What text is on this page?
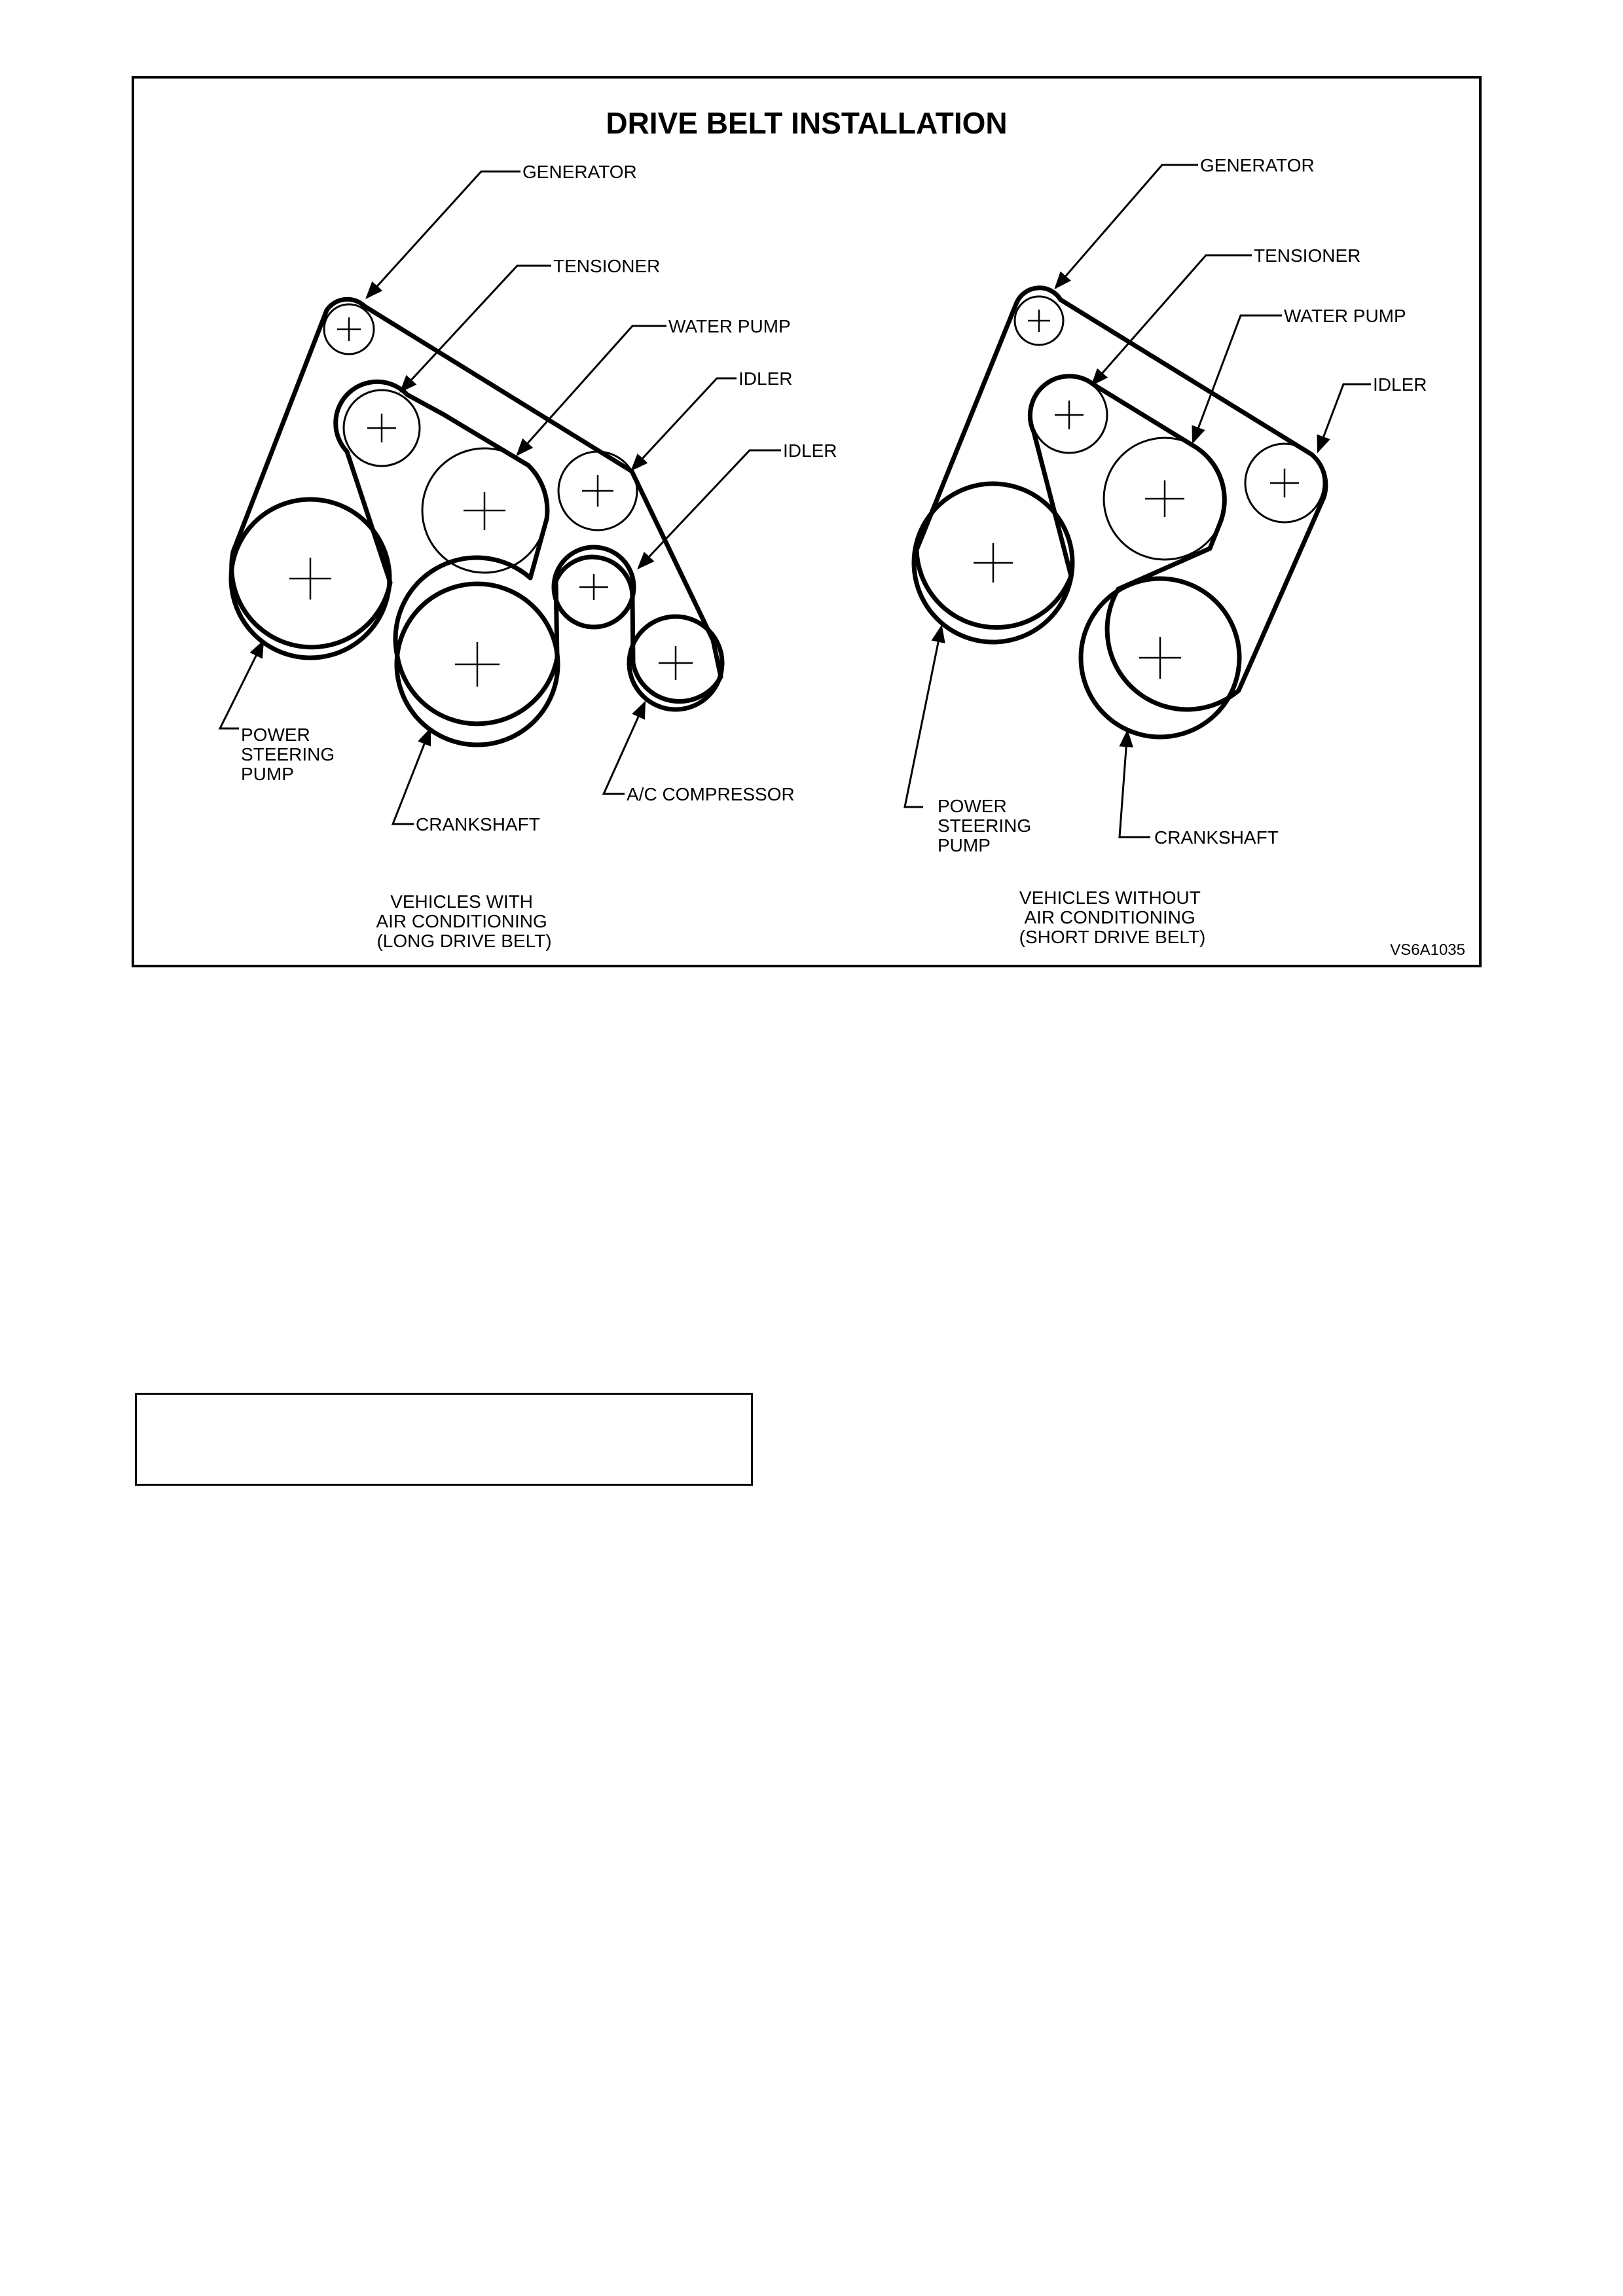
DRIVE BELT INSTALLATION
GENERATOR
TENSIONER
WATER PUMP
IDLER
IDLER
POWER STEERING PUMP
CRANKSHAFT
A/C COMPRESSOR
VEHICLES WITH AIR CONDITIONING (LONG DRIVE BELT)
GENERATOR
TENSIONER
WATER PUMP
IDLER
POWER STEERING PUMP	CRANKSHAFT
VEHICLES WITHOUT AIR CONDITIONING (SHORT DRIVE BELT)
VS6A1035
